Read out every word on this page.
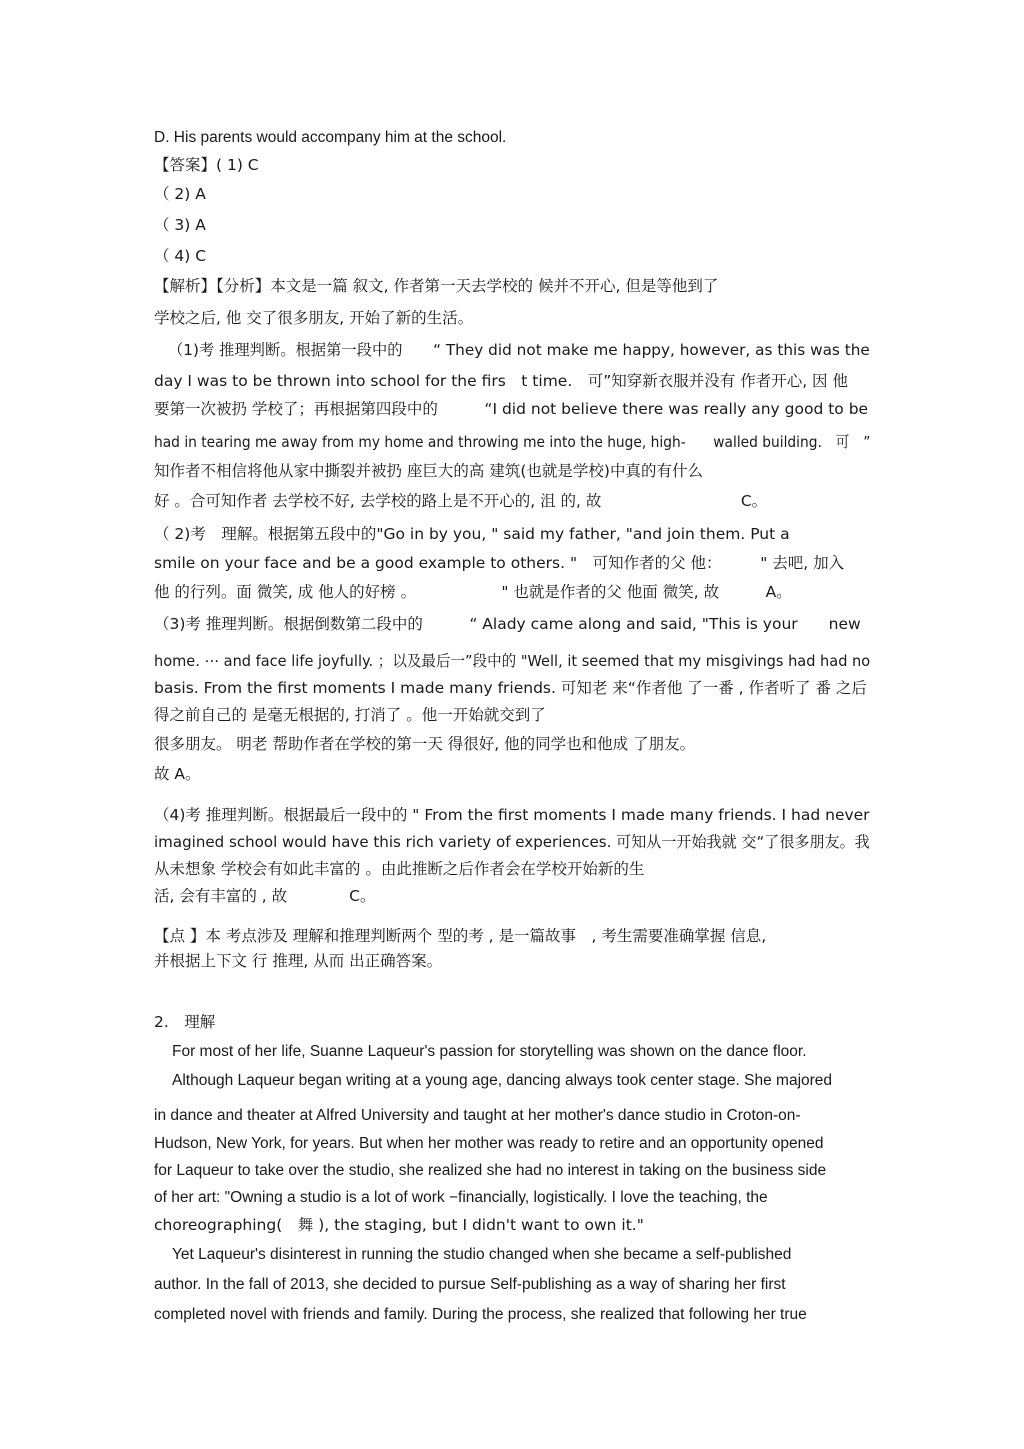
D. His parents would accompany him at the school.
【答案】( 1) C
（ 2) A
（ 3) A
（ 4) C
【解析】【分析】本文是一篇 叙文, 作者第一天去学校的 候并不开心, 但是等他到了
学校之后, 他 交了很多朋友, 开始了新的生活。
（1)考 推理判断。根据第一段中的　　“ They did not make me happy, however, as this was the
day I was to be thrown into school for the firs　t time.　可”知穿新衣服并没有 作者开心, 因 他
要第一次被扔 学校了；再根据第四段中的　　　“I did not believe there was really any good to be
had in tearing me away from my home and throwing me into the huge, high-　　walled building.　可　”
知作者不相信将他从家中撕裂并被扔 座巨大的高 建筑(也就是学校)中真的有什么
好 。合可知作者 去学校不好, 去学校的路上是不开心的, 沮 的, 故　　　　　　　　　C。
（ 2)考　理解。根据第五段中的"Go in by you, " said my father, "and join them. Put a
smile on your face and be a good example to others. "　可知作者的父 他：　　　" 去吧, 加入
他 的行列。面 微笑, 成 他人的好榜 。　　　　　　" 也就是作者的父 他面 微笑, 故　　　A。
（3)考 推理判断。根据倒数第二段中的　　　“ Alady came along and said, "This is your　　new
home. ⋯ and face life joyfully. ；以及最后一”段中的 "Well, it seemed that my misgivings had had no
basis. From the first moments I made many friends. 可知老 来“作者他 了一番 , 作者听了 番 之后
得之前自己的 是毫无根据的, 打消了 。他一开始就交到了
很多朋友。 明老 帮助作者在学校的第一天 得很好, 他的同学也和他成 了朋友。
故 A。
（4)考 推理判断。根据最后一段中的 " From the first moments I made many friends. I had never
imagined school would have this rich variety of experiences. 可知从一开始我就 交“了很多朋友。我
从未想象 学校会有如此丰富的 。由此推断之后作者会在学校开始新的生
活, 会有丰富的 , 故　　　　C。
【点 】本 考点涉及 理解和推理判断两个 型的考 , 是一篇故事　, 考生需要准确掌握 信息,
并根据上下文 行 推理, 从而 出正确答案。
2.　理解
For most of her life, Suanne Laqueur's passion for storytelling was shown on the dance floor.
Although Laqueur began writing at a young age, dancing always took center stage. She majored
in dance and theater at Alfred University and taught at her mother's dance studio in Croton-on-
Hudson, New York, for years. But when her mother was ready to retire and an opportunity opened
for Laqueur to take over the studio, she realized she had no interest in taking on the business side
of her art: "Owning a studio is a lot of work −financially, logistically. I love the teaching, the
choreographing(　舞 ), the staging, but I didn't want to own it."
Yet Laqueur's disinterest in running the studio changed when she became a self-published
author. In the fall of 2013, she decided to pursue Self-publishing as a way of sharing her first
completed novel with friends and family. During the process, she realized that following her true
